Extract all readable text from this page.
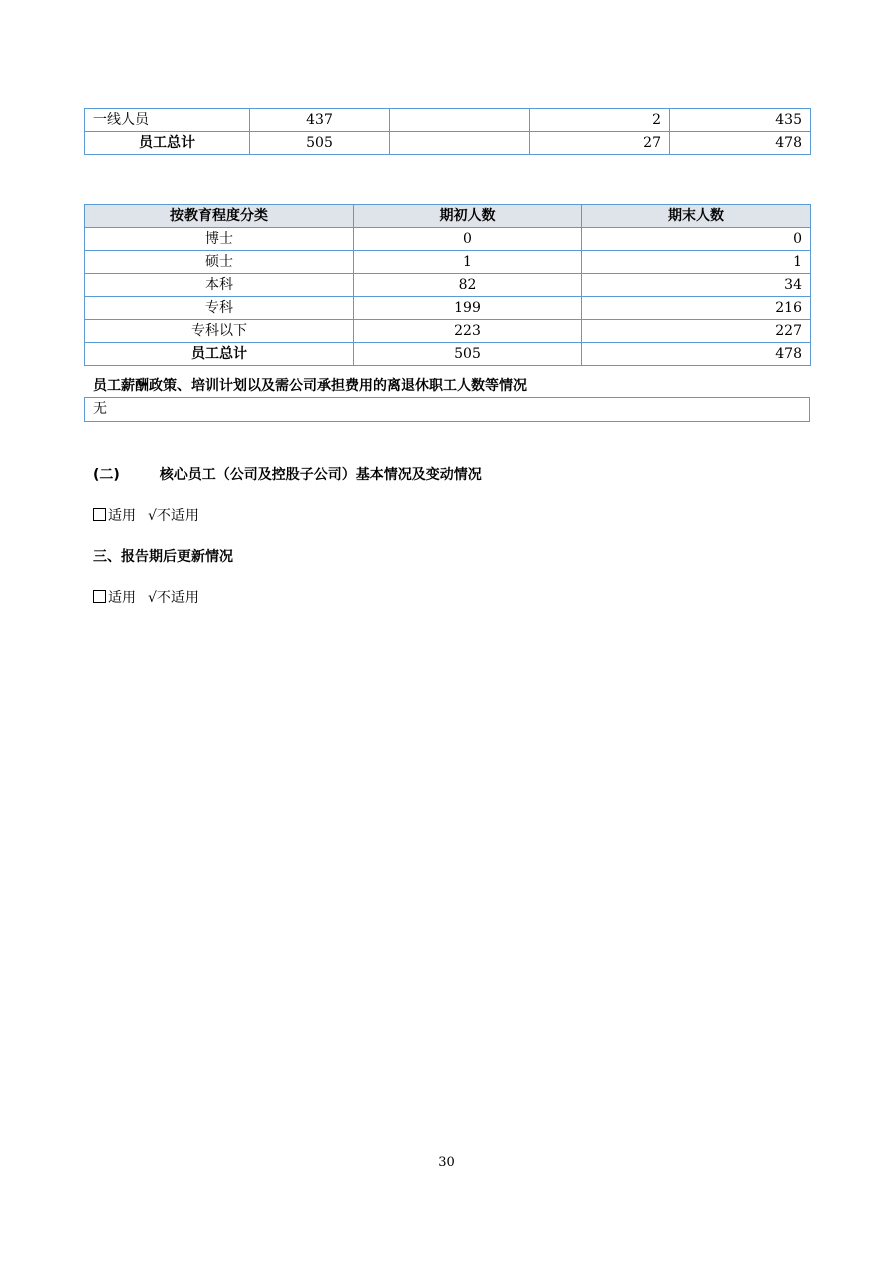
一线人员	437		2	435
员工总计	505		27	478
按教育程度分类	期初人数	期末人数
博士	0	0
硕士	1	1
本科	82	34
专科	199	216
专科以下	223	227
员工总计	505	478
员工薪酬政策、培训计划以及需公司承担费用的离退休职工人数等情况
无
(二)	核心员工（公司及控股子公司）基本情况及变动情况
适用 √不适用
三、报告期后更新情况
适用 √不适用
30
